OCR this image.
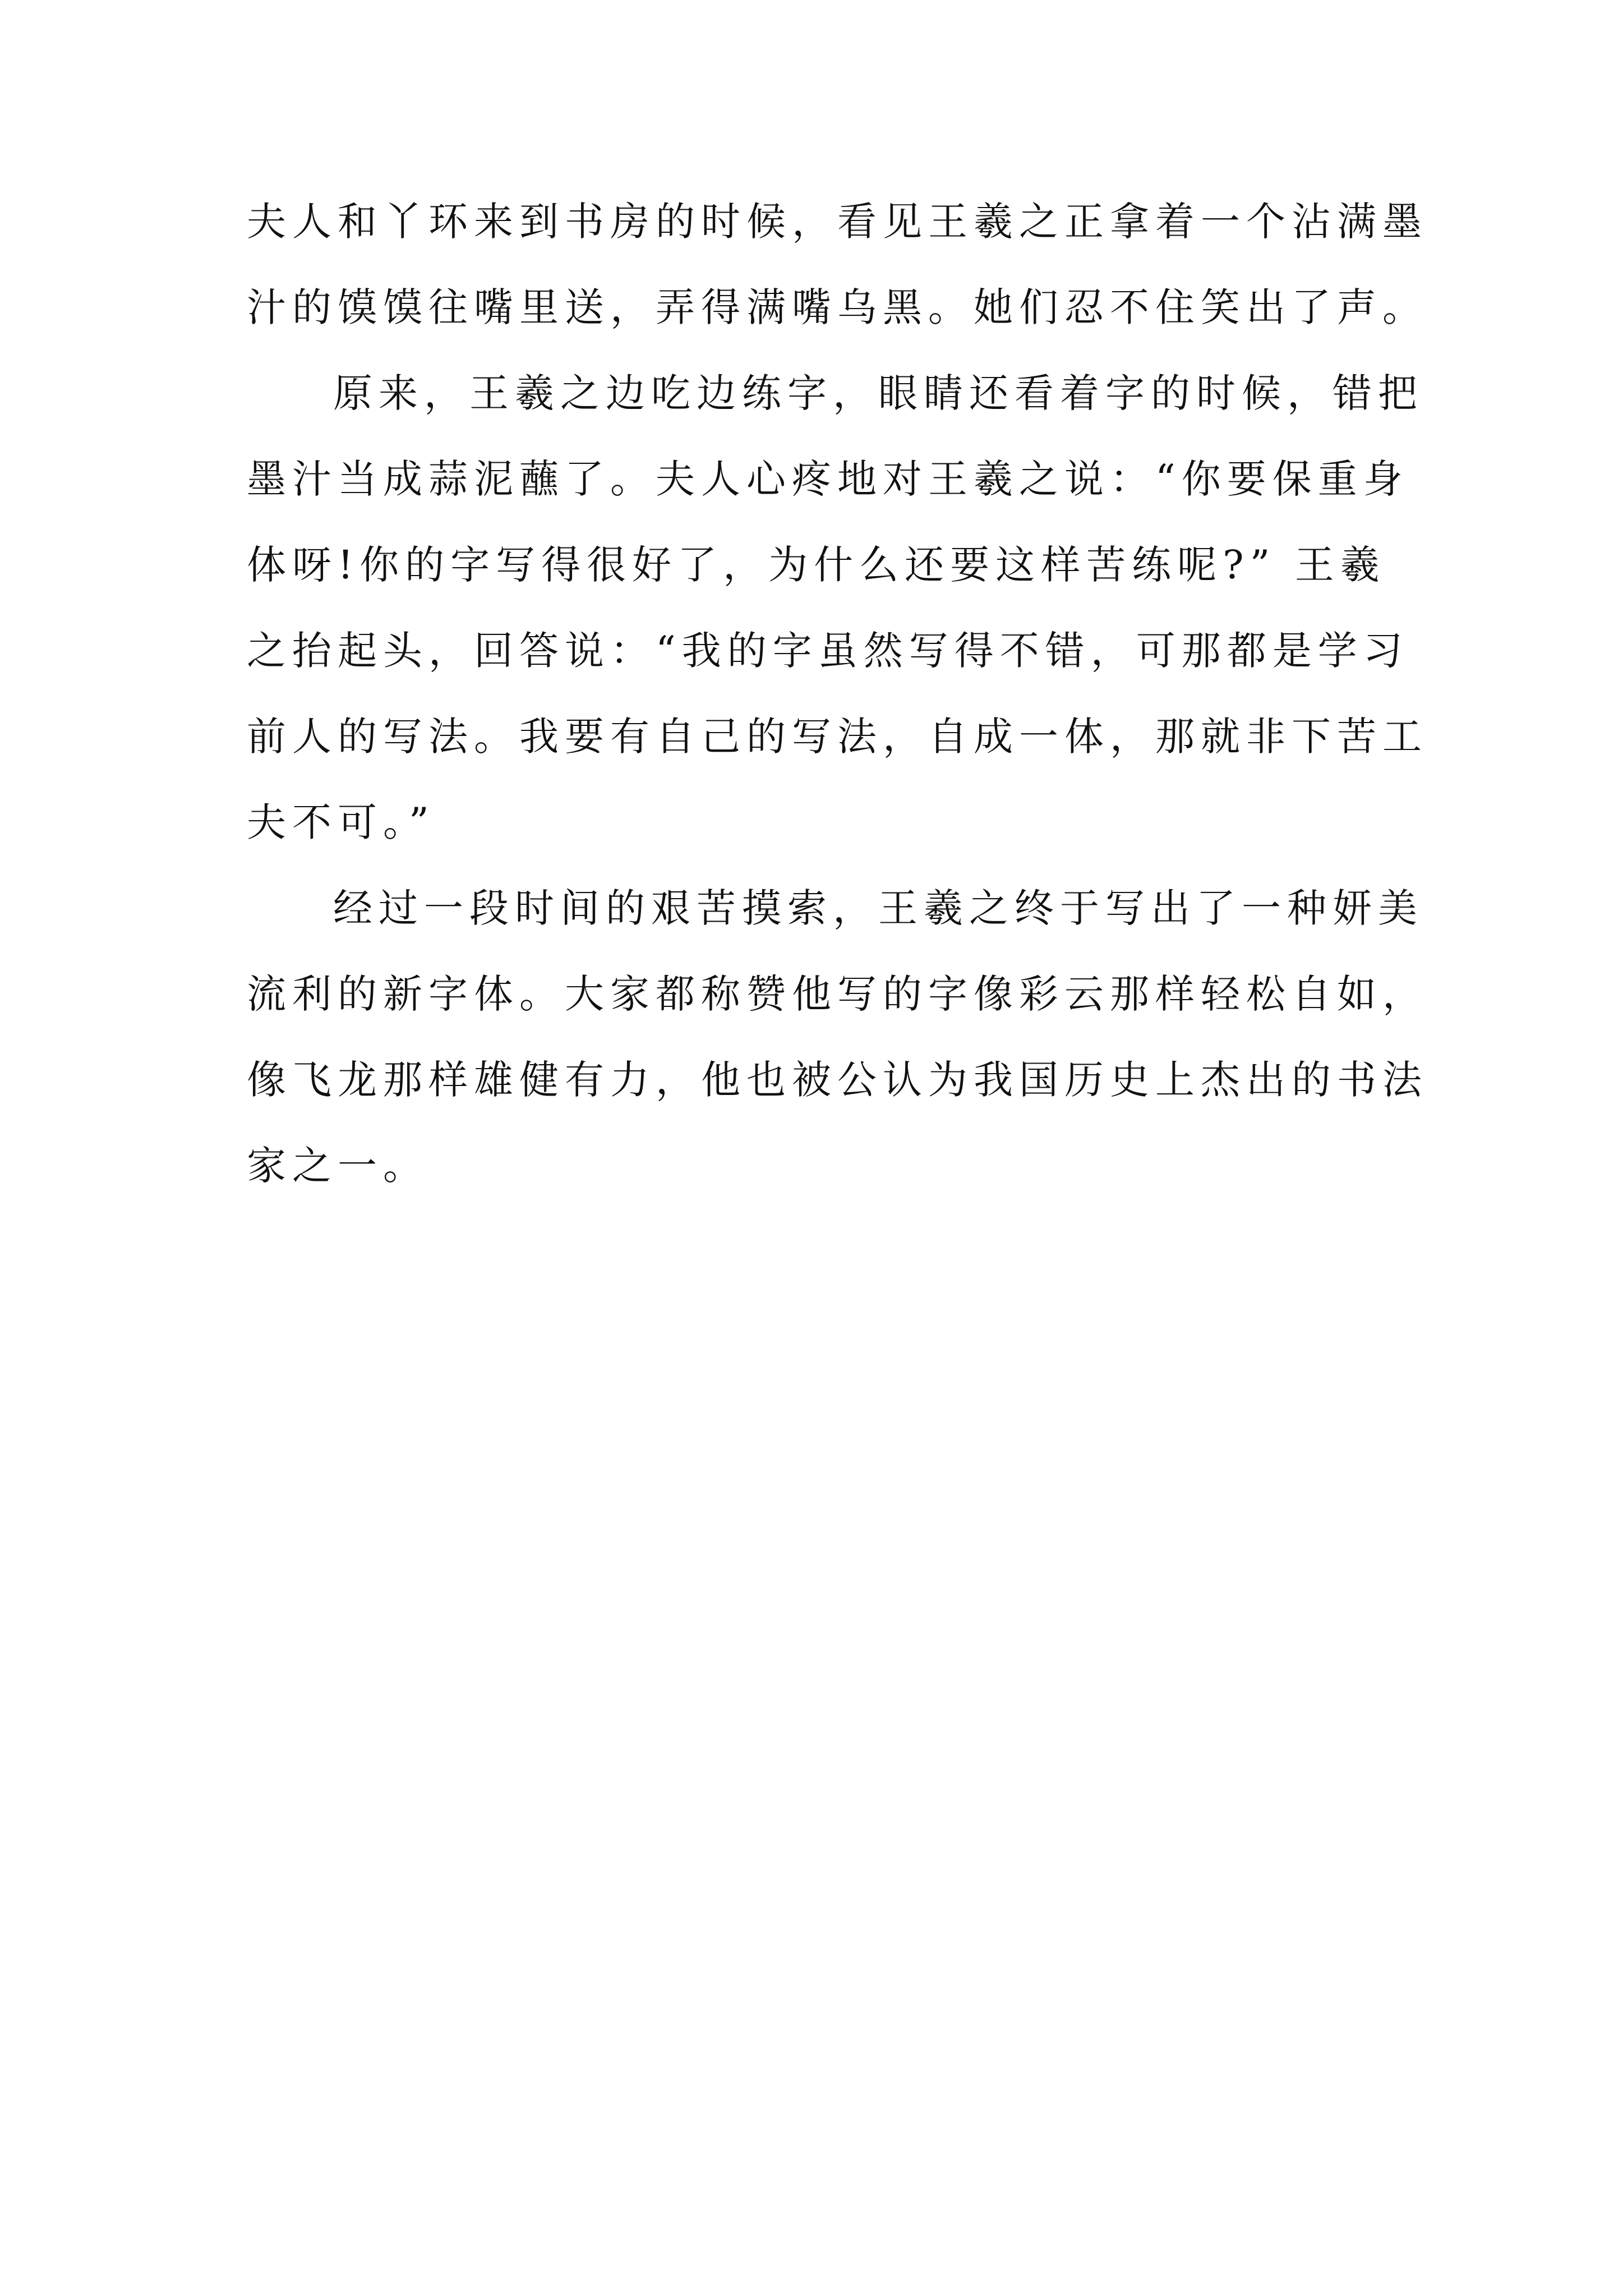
夫人和丫环来到书房的时候，看见王羲之正拿着一个沾满墨
汁的馍馍往嘴里送，弄得满嘴乌黑。她们忍不住笑出了声。
原来，王羲之边吃边练字，眼睛还看着字的时候，错把
墨汁当成蒜泥蘸了。夫人心疼地对王羲之说：“你要保重身
体呀!你的字写得很好了，为什么还要这样苦练呢?” 王羲
之抬起头，回答说：“我的字虽然写得不错，可那都是学习
前人的写法。我要有自己的写法，自成一体，那就非下苦工
夫不可。”
经过一段时间的艰苦摸索，王羲之终于写出了一种妍美
流利的新字体。大家都称赞他写的字像彩云那样轻松自如，
像飞龙那样雄健有力，他也被公认为我国历史上杰出的书法
家之一。
